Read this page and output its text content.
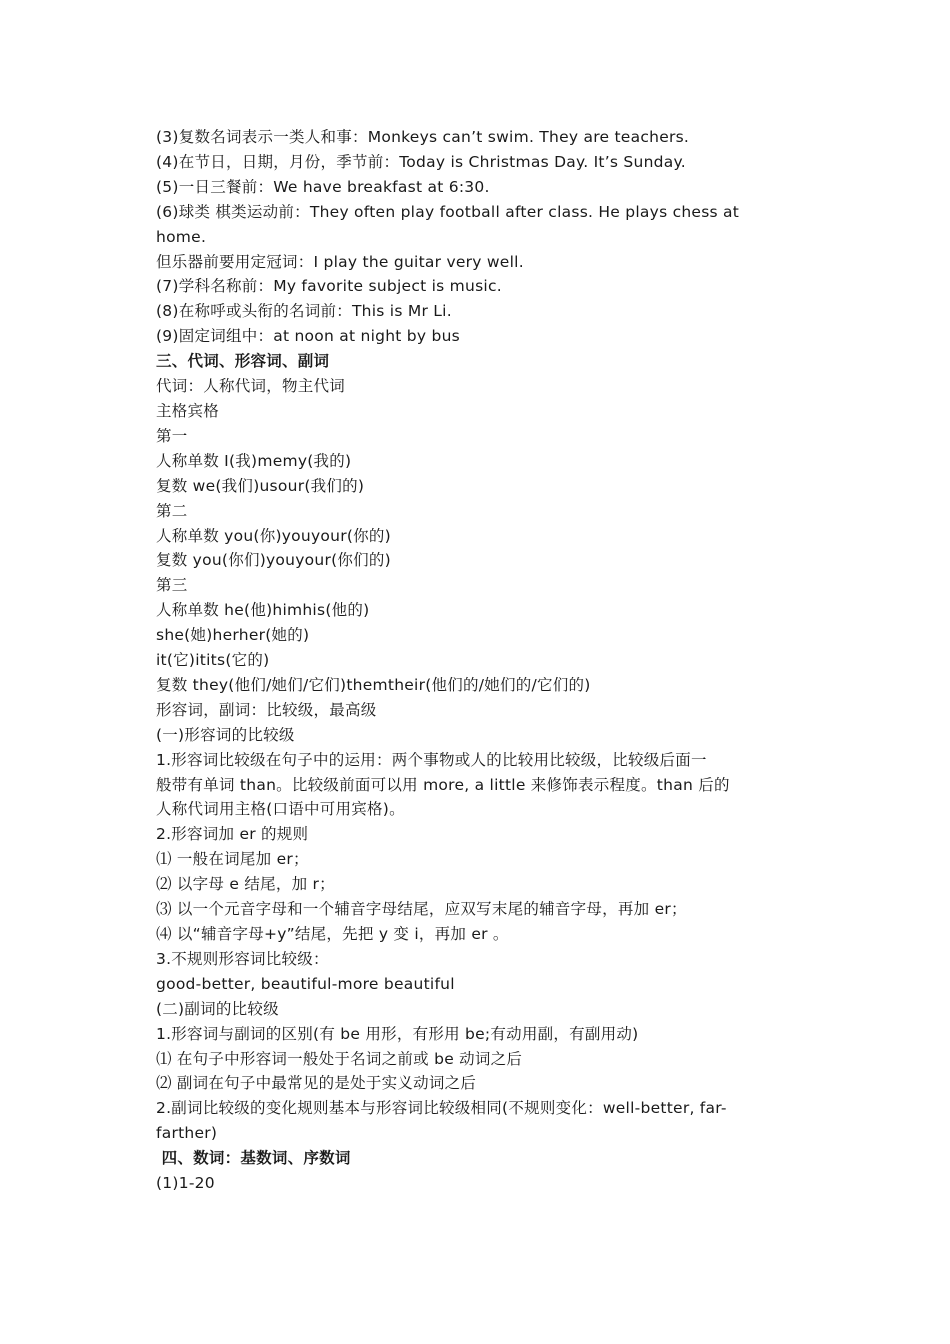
(3)复数名词表示一类人和事：Monkeys can’t swim. They are teachers.
(4)在节日，日期，月份，季节前：Today is Christmas Day. It’s Sunday.
(5)一日三餐前：We have breakfast at 6:30.
(6)球类 棋类运动前：They often play football after class. He plays chess at
home.
但乐器前要用定冠词：I play the guitar very well.
(7)学科名称前：My favorite subject is music.
(8)在称呼或头衔的名词前：This is Mr Li.
(9)固定词组中：at noon at night by bus
三、代词、形容词、副词
代词：人称代词，物主代词
主格宾格
第一
人称单数 I(我)memy(我的)
复数 we(我们)usour(我们的)
第二
人称单数 you(你)youyour(你的)
复数 you(你们)youyour(你们的)
第三
人称单数 he(他)himhis(他的)
she(她)herher(她的)
it(它)itits(它的)
复数 they(他们/她们/它们)themtheir(他们的/她们的/它们的)
形容词，副词：比较级，最高级
(一)形容词的比较级
1.形容词比较级在句子中的运用：两个事物或人的比较用比较级，比较级后面一
般带有单词 than。比较级前面可以用 more, a little 来修饰表示程度。than 后的
人称代词用主格(口语中可用宾格)。
2.形容词加 er 的规则
⑴ 一般在词尾加 er；
⑵ 以字母 e 结尾，加 r；
⑶ 以一个元音字母和一个辅音字母结尾，应双写末尾的辅音字母，再加 er；
⑷ 以“辅音字母+y”结尾，先把 y 变 i，再加 er 。
3.不规则形容词比较级：
good-better, beautiful-more beautiful
(二)副词的比较级
1.形容词与副词的区别(有 be 用形，有形用 be;有动用副，有副用动)
⑴ 在句子中形容词一般处于名词之前或 be 动词之后
⑵ 副词在句子中最常见的是处于实义动词之后
2.副词比较级的变化规则基本与形容词比较级相同(不规则变化：well-better, far-
farther)
四、数词：基数词、序数词
(1)1-20
